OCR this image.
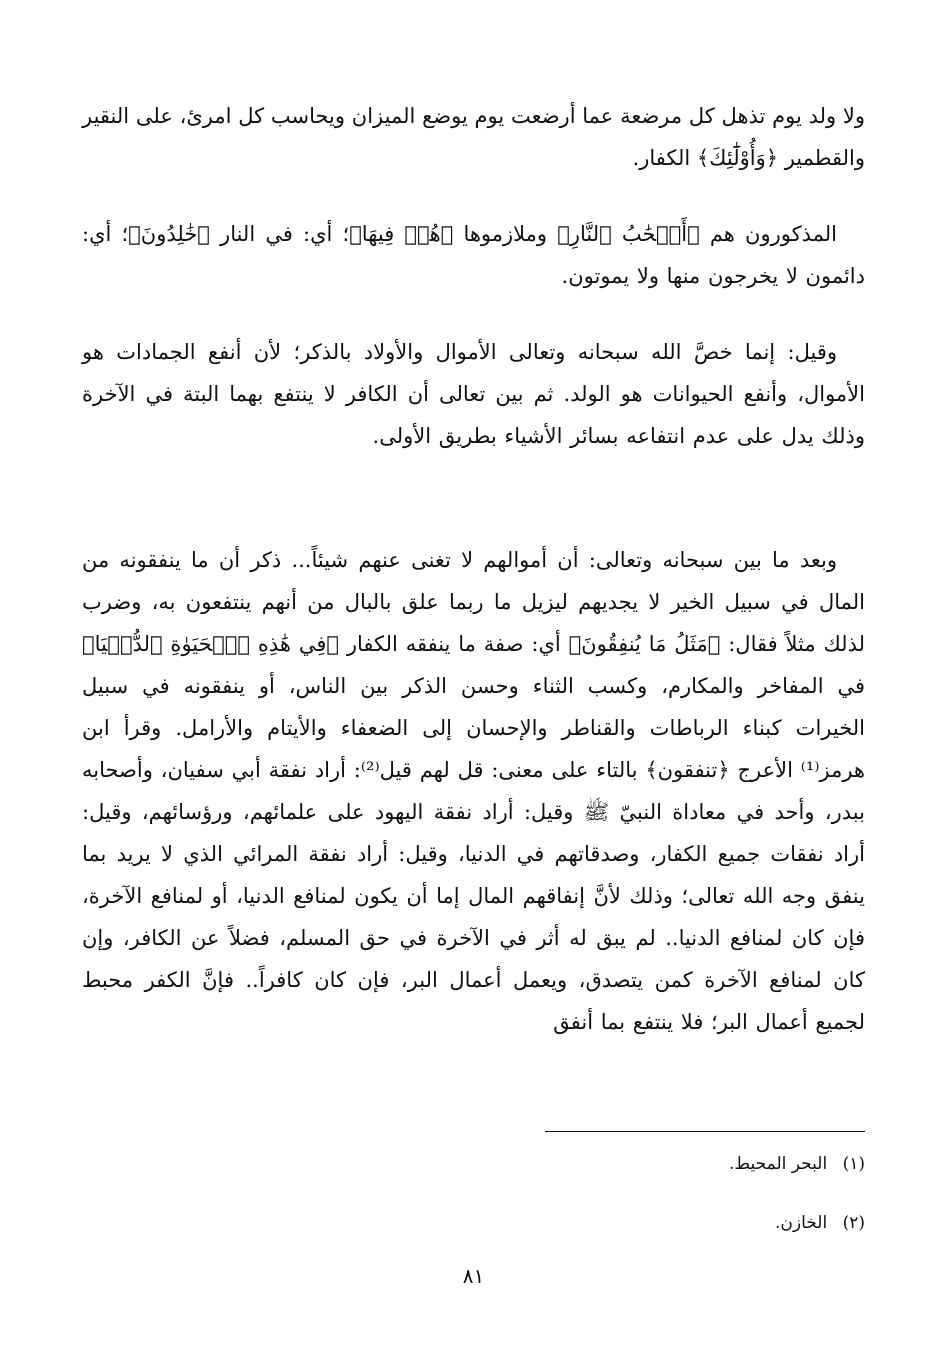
ولا ولد يوم تذهل كل مرضعة عما أرضعت يوم يوضع الميزان ويحاسب كل امرئ، على النقير والقطمير ﴿وَأُوْلَٰٓئِكَ﴾ الكفار.

المذكورون هم ﴿أَصۡحَٰبُ ٱلنَّارِ﴾ وملازموها ﴿هُمۡ فِيهَا﴾؛ أي: في النار ﴿خَٰلِدُونَ﴾؛ أي: دائمون لا يخرجون منها ولا يموتون.

وقيل: إنما خصَّ الله سبحانه وتعالى الأموال والأولاد بالذكر؛ لأن أنفع الجمادات هو الأموال، وأنفع الحيوانات هو الولد. ثم بين تعالى أن الكافر لا ينتفع بهما البتة في الآخرة وذلك يدل على عدم انتفاعه بسائر الأشياء بطريق الأولى.

وبعد ما بين سبحانه وتعالى: أن أموالهم لا تغنى عنهم شيئاً... ذكر أن ما ينفقونه من المال في سبيل الخير لا يجديهم ليزيل ما ربما علق بالبال من أنهم ينتفعون به، وضرب لذلك مثلاً فقال: ﴿مَثَلُ مَا يُنفِقُونَ﴾ أي: صفة ما ينفقه الكفار ﴿فِي هَٰذِهِ ٱلۡحَيَوٰةِ ٱلدُّنۡيَا﴾ في المفاخر والمكارم، وكسب الثناء وحسن الذكر بين الناس، أو ينفقونه في سبيل الخيرات كبناء الرباطات والقناطر والإحسان إلى الضعفاء والأيتام والأرامل. وقرأ ابن هرمز⁽¹⁾ الأعرج ﴿تنفقون﴾ بالتاء على معنى: قل لهم قيل⁽²⁾: أراد نفقة أبي سفيان، وأصحابه ببدر، وأحد في معاداة النبيّ ﷺ وقيل: أراد نفقة اليهود على علمائهم، ورؤسائهم، وقيل: أراد نفقات جميع الكفار، وصدقاتهم في الدنيا، وقيل: أراد نفقة المرائي الذي لا يريد بما ينفق وجه الله تعالى؛ وذلك لأنَّ إنفاقهم المال إما أن يكون لمنافع الدنيا، أو لمنافع الآخرة، فإن كان لمنافع الدنيا.. لم يبق له أثر في الآخرة في حق المسلم، فضلاً عن الكافر، وإن كان لمنافع الآخرة كمن يتصدق، ويعمل أعمال البر، فإن كان كافراً.. فإنَّ الكفر محبط لجميع أعمال البر؛ فلا ينتفع بما أنفق

(١) البحر المحيط.
(٢) الخازن.
٨١
